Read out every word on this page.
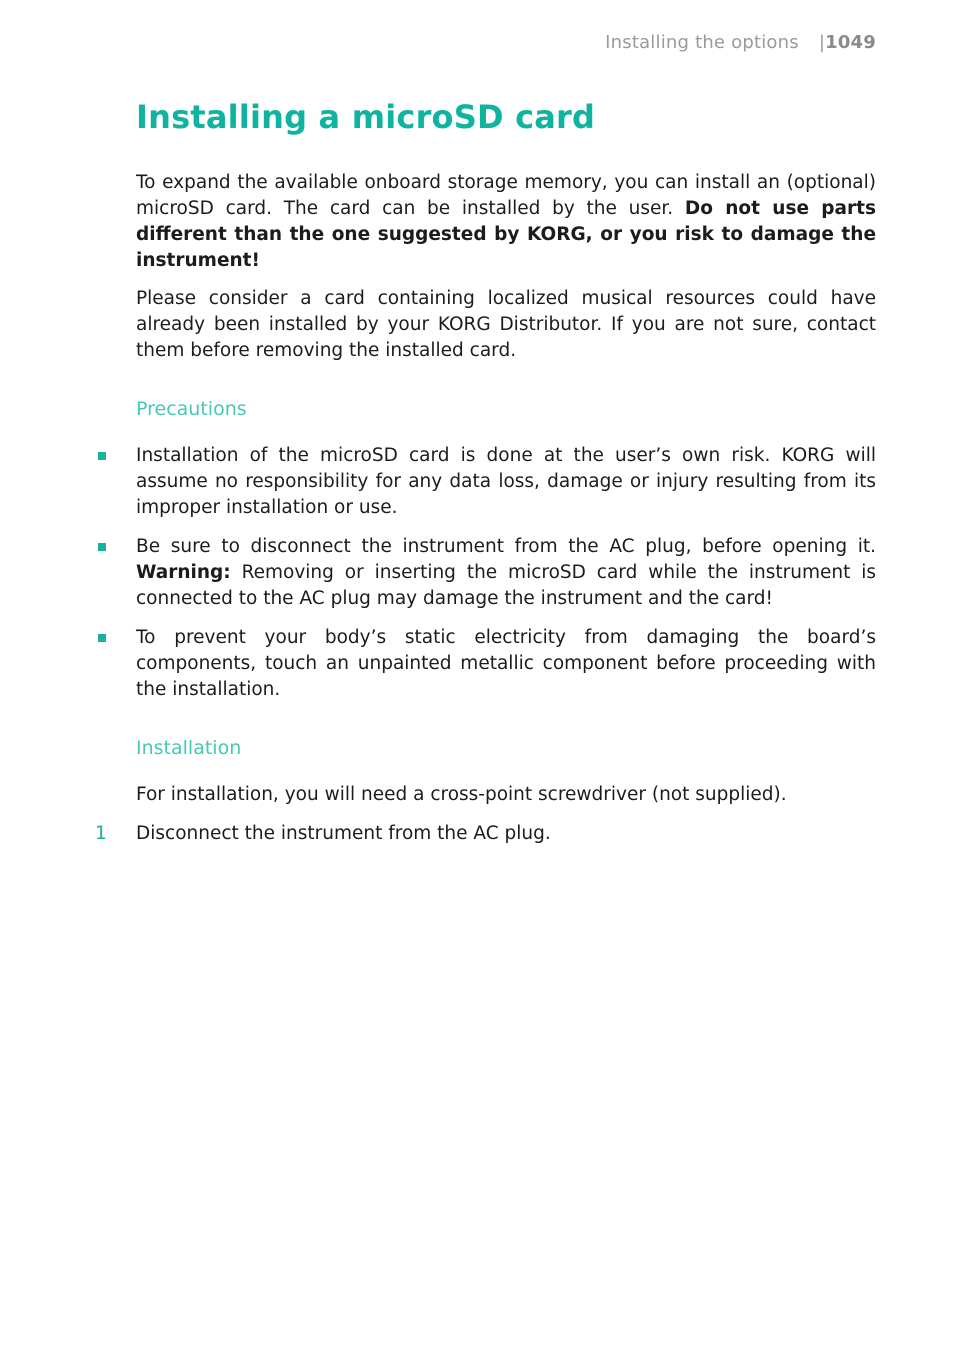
Installing the options |1049
Installing a microSD card

To expand the available onboard storage memory, you can install an (optional) microSD card. The card can be installed by the user. Do not use parts different than the one suggested by KORG, or you risk to damage the instrument!

Please consider a card containing localized musical resources could have already been installed by your KORG Distributor. If you are not sure, contact them before removing the installed card.

Precautions

Installation of the microSD card is done at the user’s own risk. KORG will assume no responsibility for any data loss, damage or injury resulting from its improper installation or use.

Be sure to disconnect the instrument from the AC plug, before opening it. Warning: Removing or inserting the microSD card while the instrument is connected to the AC plug may damage the instrument and the card!

To prevent your body’s static electricity from damaging the board’s components, touch an unpainted metallic component before proceeding with the installation.

Installation

For installation, you will need a cross-point screwdriver (not supplied).

1 Disconnect the instrument from the AC plug.
